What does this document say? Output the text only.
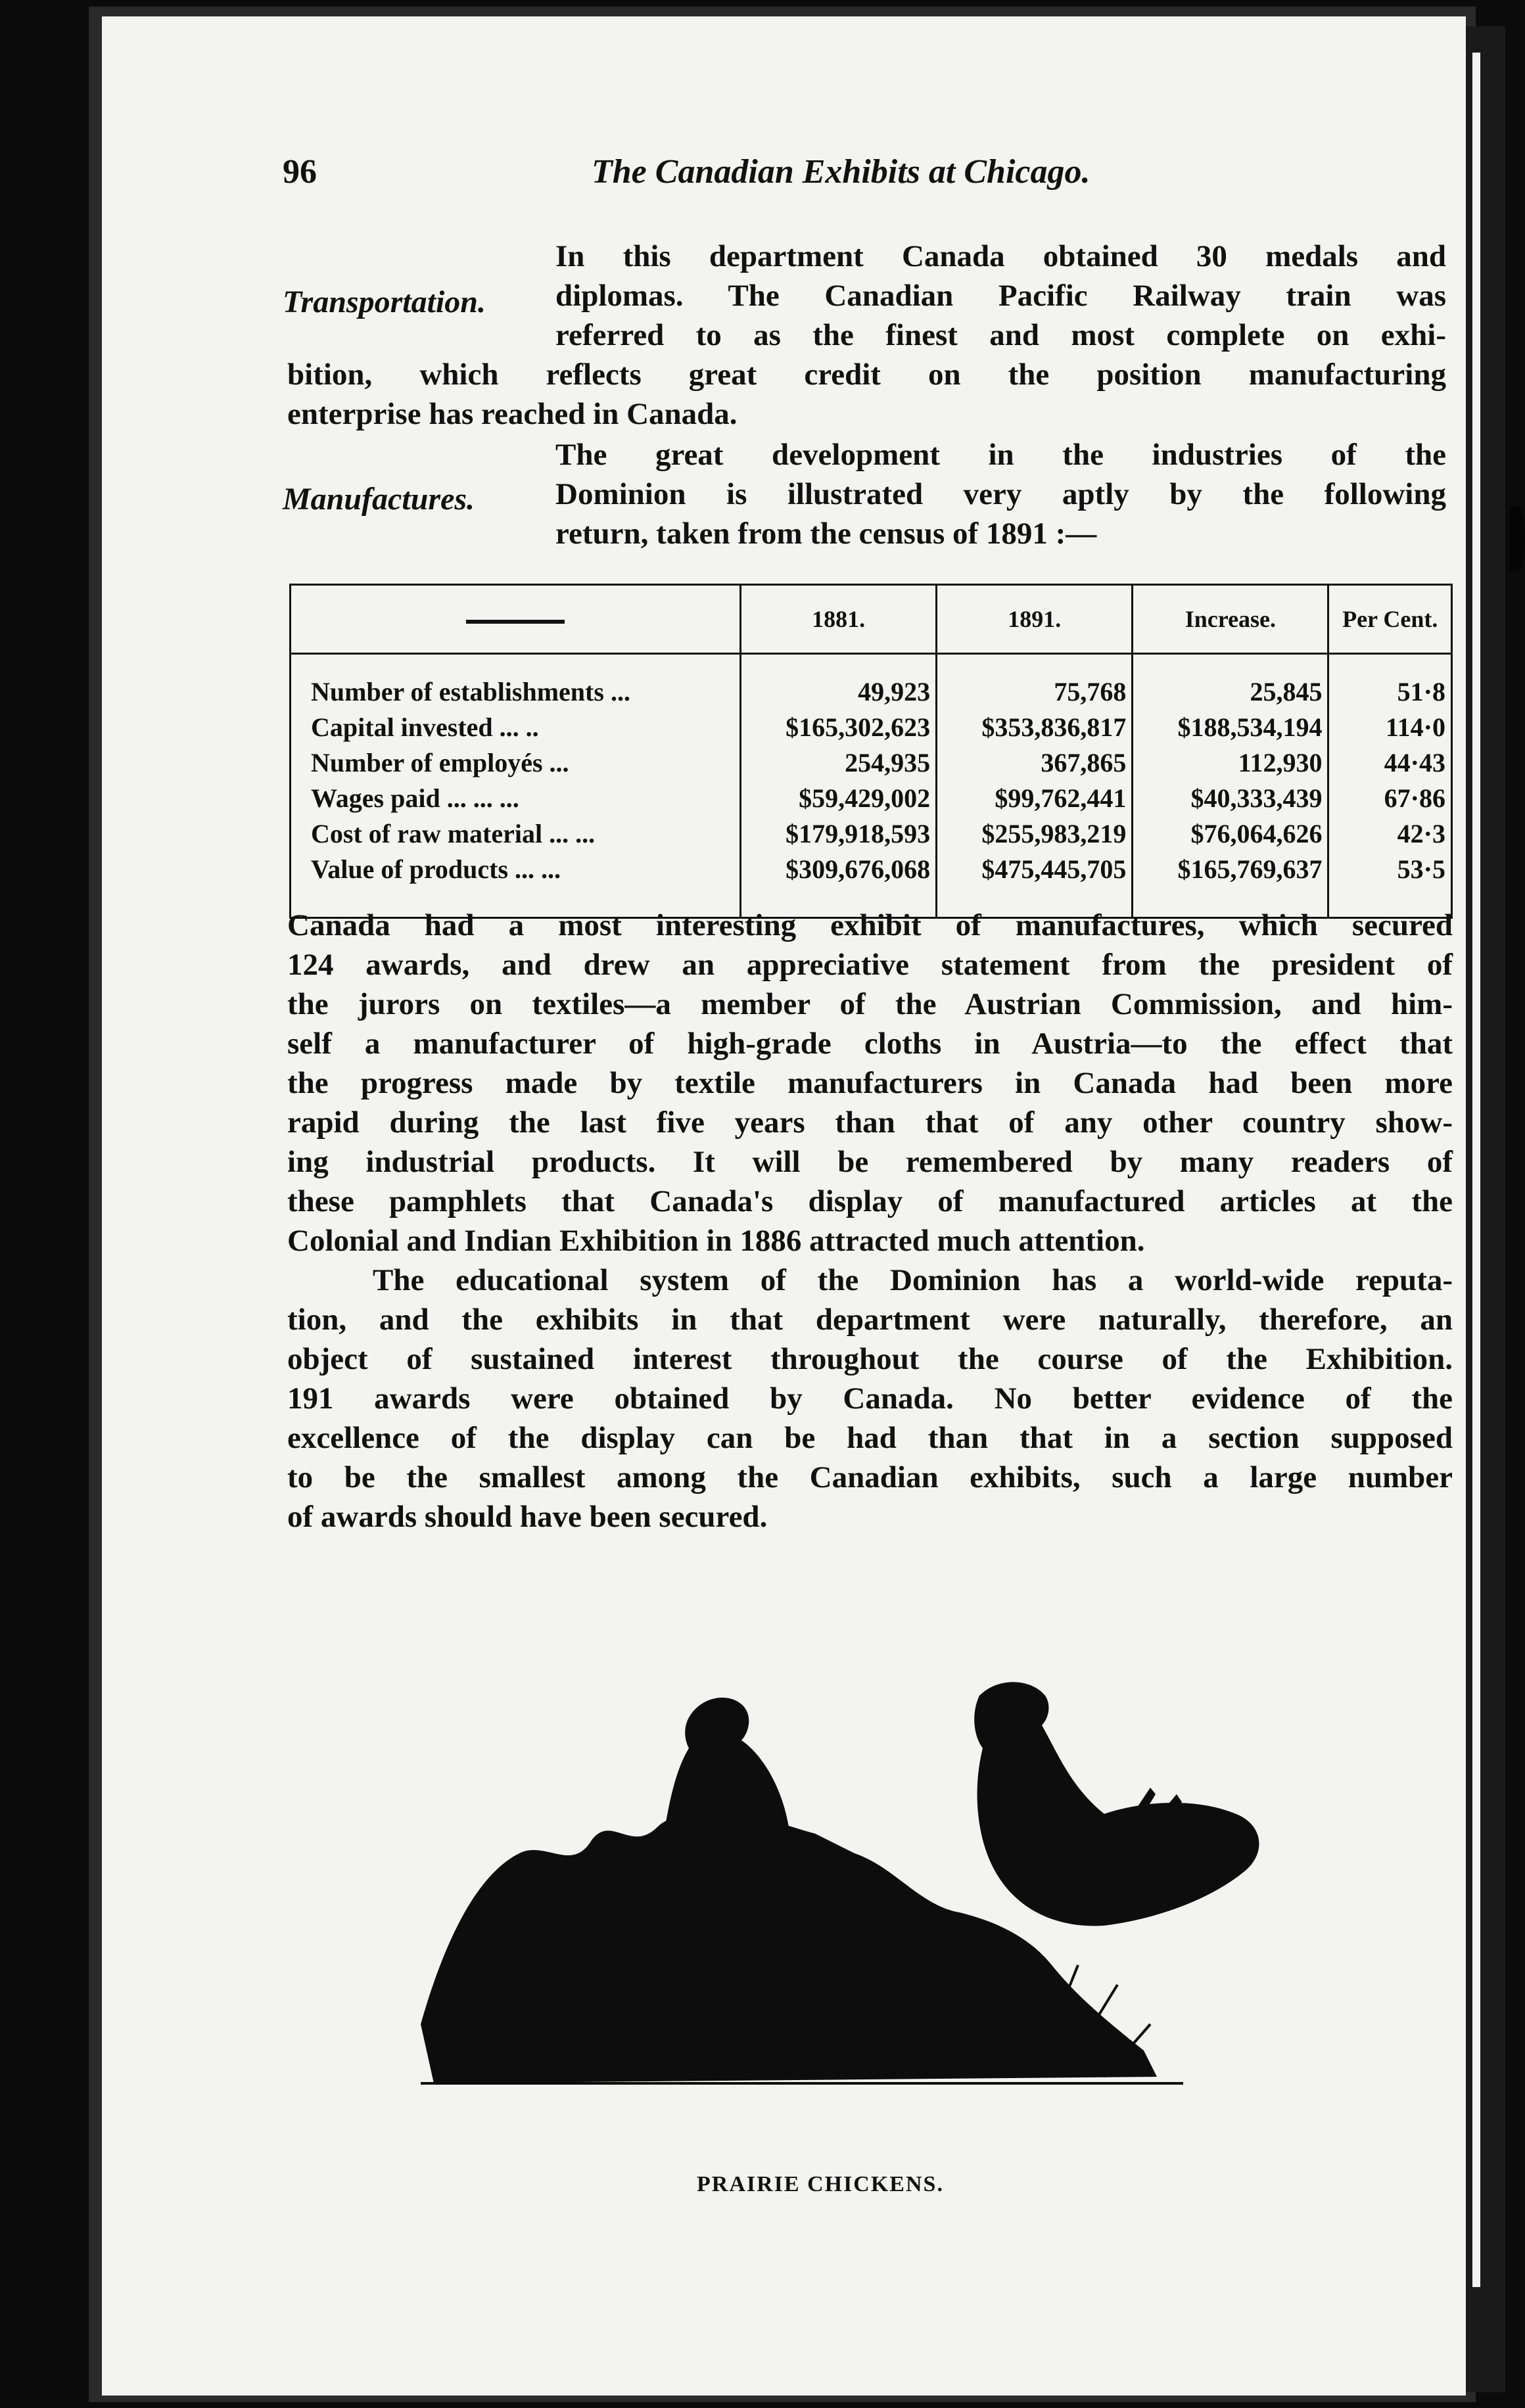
96	The Canadian Exhibits at Chicago.
Transportation.
In this department Canada obtained 30 medals and
diplomas. The Canadian Pacific Railway train was
referred to as the finest and most complete on exhi-
bition, which reflects great credit on the position manufacturing
enterprise has reached in Canada.
Manufactures.
The great development in the industries of the
Dominion is illustrated very aptly by the following
return, taken from the census of 1891 :—
	1881.	1891.	Increase.	Per Cent.

Number of establishments ...	49,923	75,768	25,845	51·8
Capital invested ... ..	$165,302,623	$353,836,817	$188,534,194	114·0
Number of employés ...	254,935	367,865	112,930	44·43
Wages paid ... ... ...	$59,429,002	$99,762,441	$40,333,439	67·86
Cost of raw material ... ...	$179,918,593	$255,983,219	$76,064,626	42·3
Value of products ... ...	$309,676,068	$475,445,705	$165,769,637	53·5

Canada had a most interesting exhibit of manufactures, which secured
124 awards, and drew an appreciative statement from the president of
the jurors on textiles—a member of the Austrian Commission, and him-
self a manufacturer of high-grade cloths in Austria—to the effect that
the progress made by textile manufacturers in Canada had been more
rapid during the last five years than that of any other country show-
ing industrial products. It will be remembered by many readers of
these pamphlets that Canada's display of manufactured articles at the
Colonial and Indian Exhibition in 1886 attracted much attention.
The educational system of the Dominion has a world-wide reputa-
tion, and the exhibits in that department were naturally, therefore, an
object of sustained interest throughout the course of the Exhibition.
191 awards were obtained by Canada. No better evidence of the
excellence of the display can be had than that in a section supposed
to be the smallest among the Canadian exhibits, such a large number
of awards should have been secured.
PRAIRIE CHICKENS.
